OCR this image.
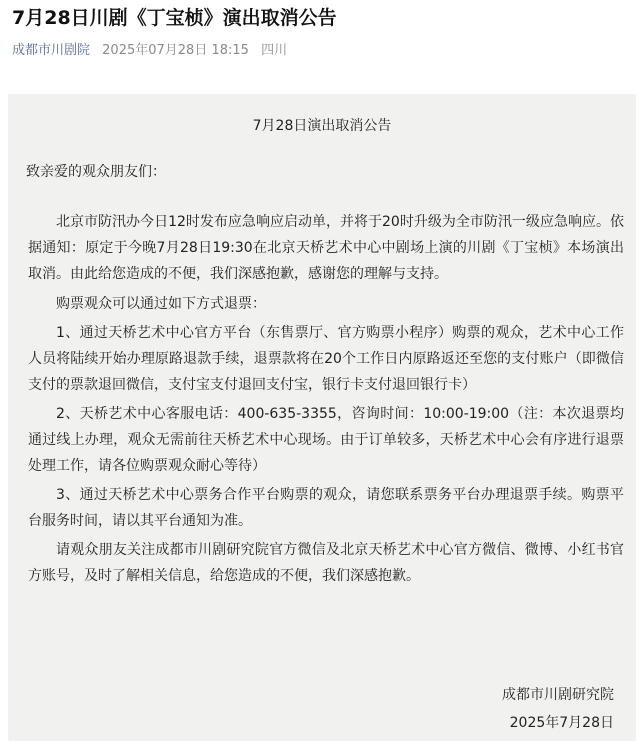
7月28日川剧《丁宝桢》演出取消公告
成都市川剧院 2025年07月28日 18:15 四川
7月28日演出取消公告
致亲爱的观众朋友们：

北京市防汛办今日12时发布应急响应启动单，并将于20时升级为全市防汛一级应急响应。依据通知：原定于今晚7月28日19:30在北京天桥艺术中心中剧场上演的川剧《丁宝桢》本场演出取消。由此给您造成的不便，我们深感抱歉，感谢您的理解与支持。

购票观众可以通过如下方式退票：

1、通过天桥艺术中心官方平台（东售票厅、官方购票小程序）购票的观众，艺术中心工作人员将陆续开始办理原路退款手续，退票款将在20个工作日内原路返还至您的支付账户（即微信支付的票款退回微信，支付宝支付退回支付宝，银行卡支付退回银行卡）

2、天桥艺术中心客服电话：400-635-3355，咨询时间：10:00-19:00（注：本次退票均通过线上办理，观众无需前往天桥艺术中心现场。由于订单较多，天桥艺术中心会有序进行退票处理工作，请各位购票观众耐心等待）

3、通过天桥艺术中心票务合作平台购票的观众，请您联系票务平台办理退票手续。购票平台服务时间，请以其平台通知为准。

请观众朋友关注成都市川剧研究院官方微信及北京天桥艺术中心官方微信、微博、小红书官方账号，及时了解相关信息，给您造成的不便，我们深感抱歉。

成都市川剧研究院
2025年7月28日
